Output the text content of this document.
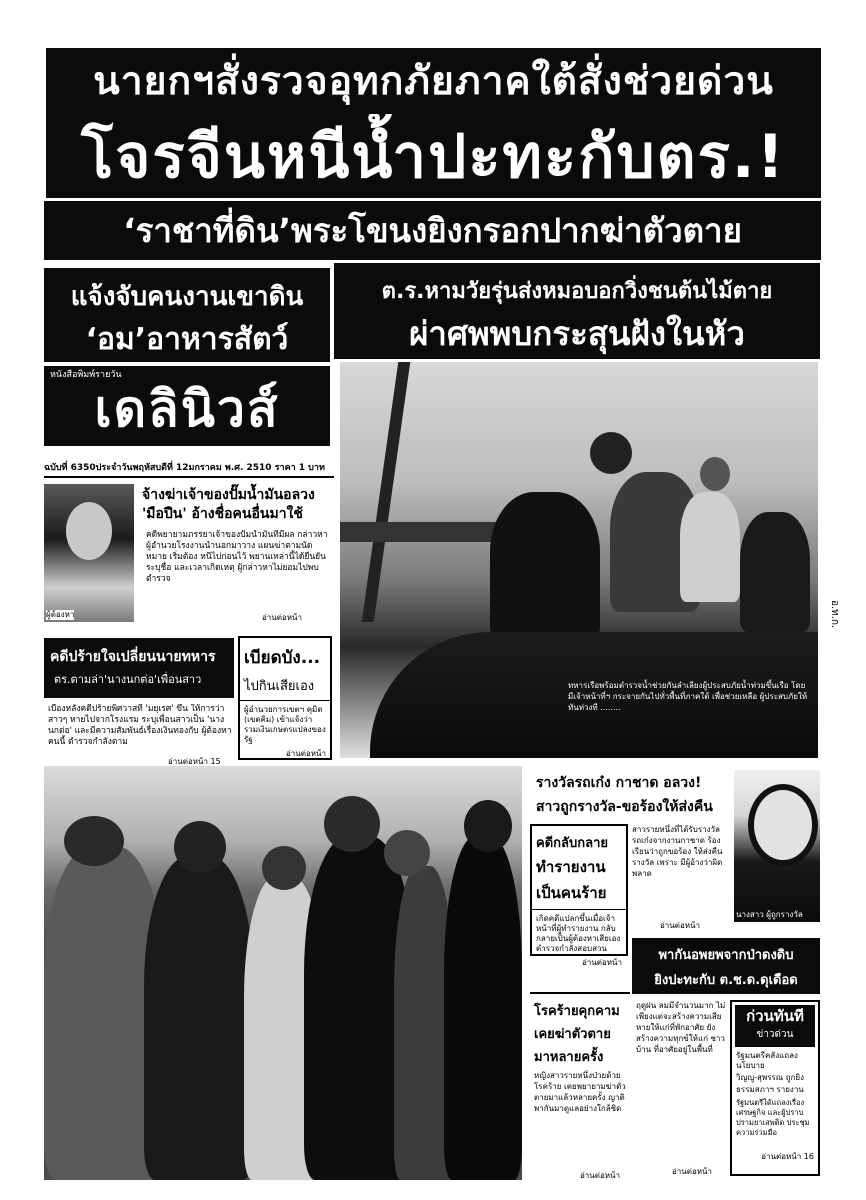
นายกฯสั่งรวจอุทกภัยภาคใต้สั่งช่วยด่วน
โจรจีนหนีน้ำปะทะกับตร.!
‘ราชาที่ดิน’พระโขนงยิงกรอกปากฆ่าตัวตาย
แจ้งจับคนงานเขาดิน
‘อม’อาหารสัตว์
ต.ร.หามวัยรุ่นส่งหมอบอกวิ่งชนต้นไม้ตาย
ผ่าศพพบกระสุนฝังในหัว
หนังสือพิมพ์รายวัน
เดลินิวส์
ฉบับที่ 6350ประจำวันพฤหัสบดีที่ 12มกราคม พ.ศ. 2510 ราคา 1 บาท
ผู้ต้องหา
จ้างฆ่าเจ้าของปั๊มน้ำมันอลวง 'มือปืน' อ้างชื่อคนอื่นมาใช้
คดีพยายามภรรยาเจ้าของปั๊มน้ำมันที่มีผล กล่าวหาผู้อำนวยโรงงานนำนอกมาวาง แผนฆ่าตามนัดหมาย เริ่มต้อง หนีไปก่อนไว้ พยานเหล่านี้ได้ยืนยัน ระบุชื่อ และเวลาเกิดเหตุ ผู้กล่าวหาไม่ยอมไปพบตำรวจ
อ่านต่อหน้า
คดีปร้ายใจเปลี่ยนนายทหาร
ตร.ตามล่า'นางนกต่อ'เพื่อนสาว
เบื้องหลังคดีปร้ายพิศวาสที่ 'มยุเรศ' ขึ้น ให้การว่าสาวๆ หายไปจากโรงแรม ระบุเพื่อนสาวเป็น 'นางนกต่อ' และมีความสัมพันธ์เรื่องเงินทองกับ ผู้ต้องหาคนนี้ ตำรวจกำลังตาม
อ่านต่อหน้า 15
เบียดบัง...
ไปกินเสียเอง
ผู้อำนวยการเขตฯ คุมิด (เขตคิม) เข้าแจ้งว่า รวมเงินเกษตรแปลงของรัฐ
อ่านต่อหน้า
ทหารเรือพร้อมตำรวจน้ำช่วยกันลำเลียงผู้ประสบภัยน้ำท่วมขึ้นเรือ โดยมีเจ้าหน้าที่ฯ กระจายกันไปทั่วพื้นที่ภาคใต้ เพื่อช่วยเหลือ ผู้ประสบภัยให้ทันท่วงที ........
อ.ท.ก.
รางวัลรถเก๋ง กาชาด อลวง!
สาวถูกรางวัล-ขอร้องให้ส่งคืน
สาวรายหนึ่งที่ได้รับรางวัลรถเก๋งจากงานกาชาด ร้องเรียนว่าถูกขอร้อง ให้ส่งคืนรางวัล เพราะ มีผู้อ้างว่าผิดพลาด
อ่านต่อหน้า
นางสาว ผู้ถูกรางวัล
คดีกลับกลาย
ทำรายงาน
เป็นคนร้าย
เกิดคดีแปลกขึ้นเมื่อเจ้าหน้าที่ผู้ทำรายงาน กลับกลายเป็นผู้ต้องหาเสียเอง ตำรวจกำลังสอบสวน
อ่านต่อหน้า	พากันอพยพจากป่าดงดิบ
ยิงปะทะกับ ต.ช.ด.ดุเดือด
โรคร้ายคุกคาม
เคยฆ่าตัวตาย
มาหลายครั้ง
หญิงสาวรายหนึ่งป่วยด้วยโรคร้าย เคยพยายามฆ่าตัวตายมาแล้วหลายครั้ง ญาติพากันมาดูแลอย่างใกล้ชิด
อ่านต่อหน้า
ฤดูฝน ลมมีจำนวนมาก ไม่เพียงแต่จะสร้างความเสียหายให้แก่ที่พักอาศัย ยังสร้างความทุกข์ให้แก่ ชาวบ้าน ที่อาศัยอยู่ในพื้นที่
อ่านต่อหน้า
ก่วนทันที
ข่าวด่วน
รัฐมนตรีคลังแถลงนโยบาย
วิญญู-สุพรรณ ถูกยิง
ธรรมสภาฯ รายงาน
รัฐมนตรีได้แถลงเรื่องเศรษฐกิจ และผู้ปราบปรามยาเสพติด ประชุมความร่วมมือ
อ่านต่อหน้า 16
